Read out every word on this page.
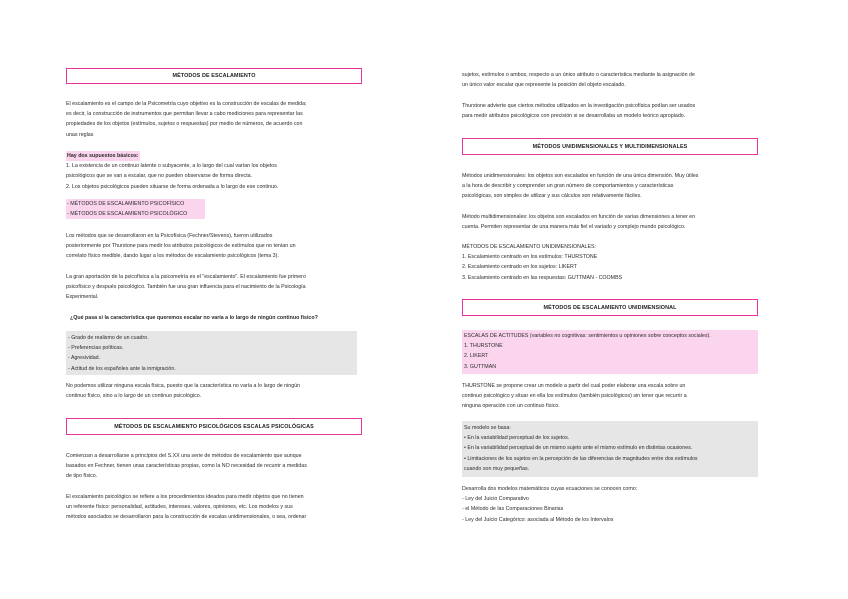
MÉTODOS DE ESCALAMIENTO
El escalamiento es el campo de la Psicometría cuyo objetivo es la construcción de escalas de medida;
es decir, la construcción de instrumentos que permitan llevar a cabo mediciones para representar las
propiedades de los objetos (estímulos, sujetos o respuestas) por medio de números, de acuerdo con
unas reglas
Hay dos supuestos básicos:
1. La existencia de un continuo latente o subyacente, a lo largo del cual varían los objetos
psicológicos que se van a escalar, que no pueden observarse de forma directa.
2. Los objetos psicológicos pueden situarse de forma ordenada a lo largo de ese continuo.
- MÉTODOS DE ESCALAMIENTO PSICOFÍSICO
- MÉTODOS DE ESCALAMIENTO PSICOLÓGICO
Los métodos que se desarrollaron en la Psicofísica (Fechner/Stevens), fueron utilizados
posteriormente por Thurstone para medir los atributos psicológicos de estímulos que no tenían un
correlato físico medible, dando lugar a los métodos de escalamiento psicológicos (tema 3).
La gran aportación de la psicofísica a la psicometría es el "escalamiento". El escalamiento fue primero
psicofísico y después psicológico. También fue una gran influencia para el nacimiento de la Psicología
Experimental.
¿Qué pasa si la característica que queremos escalar no varía a lo largo de ningún continuo físico?
- Grado de realismo de un cuadro.
- Preferencias políticas.
- Agresividad.
- Actitud de los españoles ante la inmigración.
No podemos utilizar ninguna escala física, puesto que la característica no varía a lo largo de ningún
continuo físico, sino a lo largo de un continuo psicológico.
MÉTODOS DE ESCALAMIENTO PSICOLÓGICOS ESCALAS PSICOLÓGICAS
Comienzan a desarrollarse a principios del S.XX una serie de métodos de escalamiento que aunque
basados en Fechner, tienen unas características propias, como la NO necesidad de recurrir a medidas
de tipo físico.
El escalamiento psicológico se refiere a los procedimientos ideados para medir objetos que no tienen
un referente físico: personalidad, actitudes, intereses, valores, opiniones, etc. Los modelos y sus
métodos asociados se desarrollaron para la construcción de escalas unidimensionales, o sea, ordenar
sujetos, estímulos o ambos, respecto a un único atributo o característica mediante la asignación de
un único valor escalar que represente la posición del objeto escalado.
Thurstone advierte que ciertos métodos utilizados en la investigación psicofísica podían ser usados
para medir atributos psicológicos con precisión si se desarrollaba un modelo teórico apropiado.
MÉTODOS UNIDIMENSIONALES Y MULTIDIMENSIONALES
Métodos unidimensionales: los objetos son escalados en función de una única dimensión. Muy útiles
a la hora de describir y comprender un gran número de comportamientos y características
psicológicas, son simples de utilizar y sus cálculos son relativamente fáciles.
Método multidimensionales: los objetos son escalados en función de varias dimensiones a tener en
cuenta. Permiten representar de una manera más fiel el variado y complejo mundo psicológico.
MÉTODOS DE ESCALAMIENTO UNIDIMENSIONALES:
1. Escalamiento centrado en los estímulos: THURSTONE
2. Escalamiento centrado en los sujetos: LIKERT
3. Escalamiento centrado en las respuestas: GUTTMAN - COOMBS
MÉTODOS DE ESCALAMIENTO UNIDIMENSIONAL
ESCALAS DE ACTITUDES (variables no cognitivas: sentimientos u opiniones sobre conceptos sociales).
1. THURSTONE
2. LIKERT
3. GUTTMAN
THURSTONE se propone crear un modelo a partir del cual poder elaborar una escala sobre un
continuo psicológico y situar en ella los estímulos (también psicológicos) sin tener que recurrir a
ninguna operación con un continuo físico.
Su modelo se basa:
• En la variabilidad perceptual de los sujetos.
• En la variabilidad perceptual de un mismo sujeto ante el mismo estímulo en distintas ocasiones.
• Limitaciones de los sujetos en la percepción de las diferencias de magnitudes entre dos estímulos
cuando son muy pequeñas.
Desarrolla dos modelos matemáticos cuyas ecuaciones se conocen como:
- Ley del Juicio Comparativo
- el Método de las Comparaciones Binarias
- Ley del Juicio Categórico: asociada al Método de los Intervalos
